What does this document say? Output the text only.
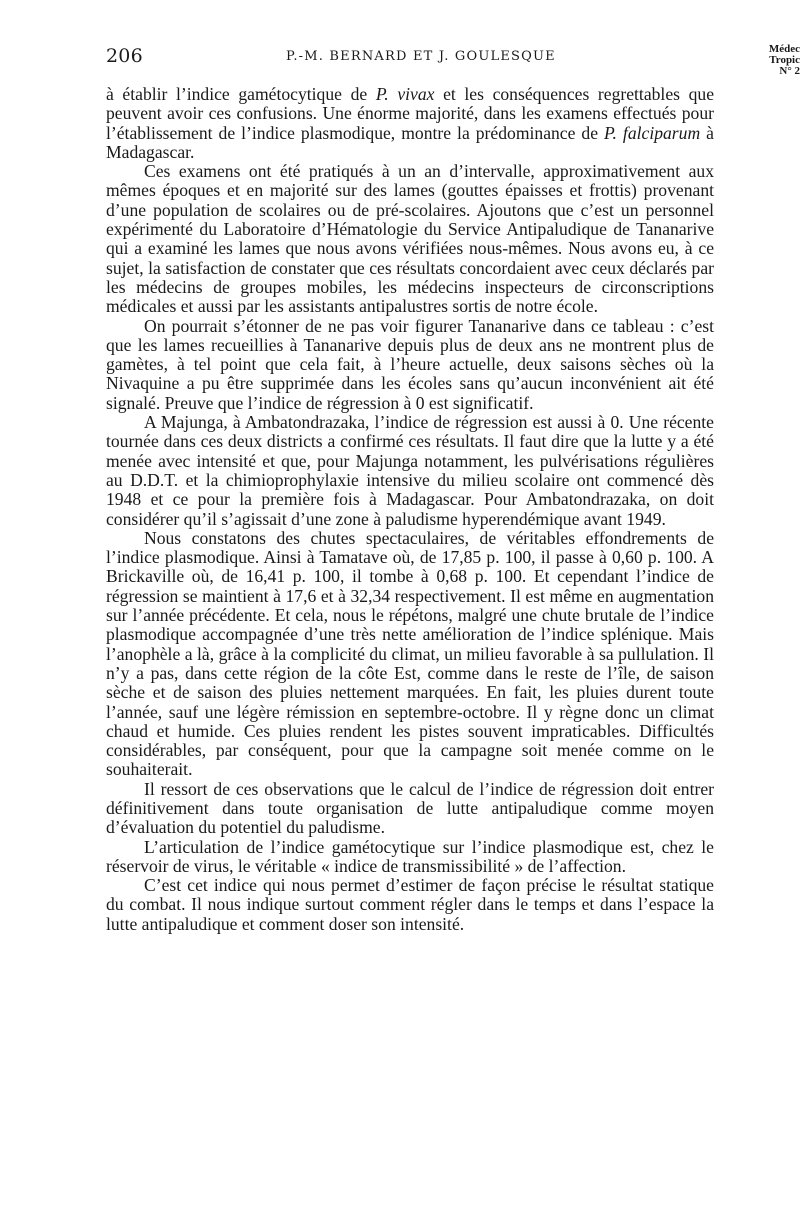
206	P.-M. BERNARD ET J. GOULESQUE	Médec
Tropic
N° 2

à établir l’indice gamétocytique de P. vivax et les conséquences regrettables que peuvent avoir ces confusions. Une énorme majorité, dans les examens effectués pour l’établissement de l’indice plasmodique, montre la prédominance de P. falciparum à Madagascar.

Ces examens ont été pratiqués à un an d’intervalle, approximativement aux mêmes époques et en majorité sur des lames (gouttes épaisses et frottis) provenant d’une population de scolaires ou de pré-scolaires. Ajoutons que c’est un personnel expérimenté du Laboratoire d’Hématologie du Service Antipaludique de Tananarive qui a examiné les lames que nous avons vérifiées nous-mêmes. Nous avons eu, à ce sujet, la satisfaction de constater que ces résultats concordaient avec ceux déclarés par les médecins de groupes mobiles, les médecins inspecteurs de circonscriptions médicales et aussi par les assistants antipalustres sortis de notre école.

On pourrait s’étonner de ne pas voir figurer Tananarive dans ce tableau : c’est que les lames recueillies à Tananarive depuis plus de deux ans ne montrent plus de gamètes, à tel point que cela fait, à l’heure actuelle, deux saisons sèches où la Nivaquine a pu être supprimée dans les écoles sans qu’aucun inconvénient ait été signalé. Preuve que l’indice de régression à 0 est significatif.

A Majunga, à Ambatondrazaka, l’indice de régression est aussi à 0. Une récente tournée dans ces deux districts a confirmé ces résultats. Il faut dire que la lutte y a été menée avec intensité et que, pour Majunga notamment, les pulvérisations régulières au D.D.T. et la chimioprophylaxie intensive du milieu scolaire ont commencé dès 1948 et ce pour la première fois à Madagascar. Pour Ambatondrazaka, on doit considérer qu’il s’agissait d’une zone à paludisme hyperendémique avant 1949.

Nous constatons des chutes spectaculaires, de véritables effondrements de l’indice plasmodique. Ainsi à Tamatave où, de 17,85 p. 100, il passe à 0,60 p. 100. A Brickaville où, de 16,41 p. 100, il tombe à 0,68 p. 100. Et cependant l’indice de régression se maintient à 17,6 et à 32,34 respectivement. Il est même en augmentation sur l’année précédente. Et cela, nous le répétons, malgré une chute brutale de l’indice plasmodique accompagnée d’une très nette amélioration de l’indice splénique. Mais l’anophèle a là, grâce à la complicité du climat, un milieu favorable à sa pullulation. Il n’y a pas, dans cette région de la côte Est, comme dans le reste de l’île, de saison sèche et de saison des pluies nettement marquées. En fait, les pluies durent toute l’année, sauf une légère rémission en septembre-octobre. Il y règne donc un climat chaud et humide. Ces pluies rendent les pistes souvent impraticables. Difficultés considérables, par conséquent, pour que la campagne soit menée comme on le souhaiterait.

Il ressort de ces observations que le calcul de l’indice de régression doit entrer définitivement dans toute organisation de lutte antipaludique comme moyen d’évaluation du potentiel du paludisme.

L’articulation de l’indice gamétocytique sur l’indice plasmodique est, chez le réservoir de virus, le véritable « indice de transmissibilité » de l’affection.

C’est cet indice qui nous permet d’estimer de façon précise le résultat statique du combat. Il nous indique surtout comment régler dans le temps et dans l’espace la lutte antipaludique et comment doser son intensité.
